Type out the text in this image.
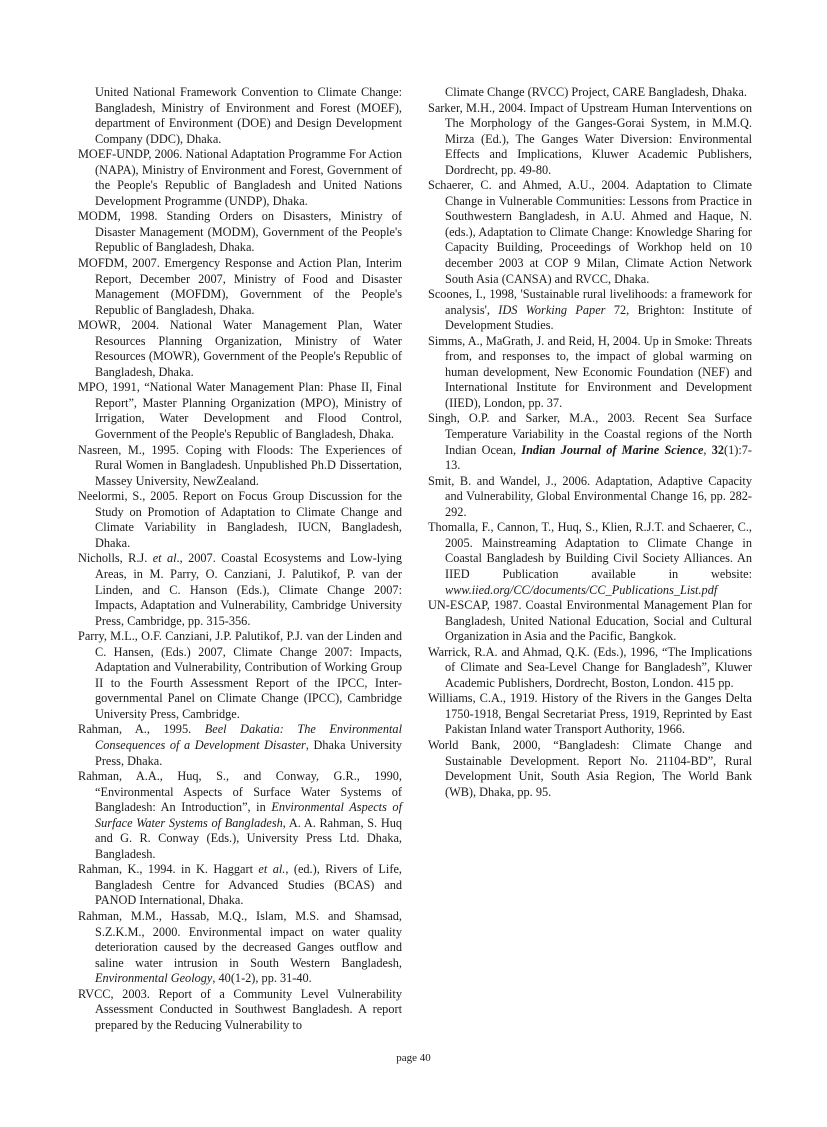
United National Framework Convention to Climate Change: Bangladesh, Ministry of Environment and Forest (MOEF), department of Environment (DOE) and Design Development Company (DDC), Dhaka.

MOEF-UNDP, 2006. National Adaptation Programme For Action (NAPA), Ministry of Environment and Forest, Government of the People's Republic of Bangladesh and United Nations Development Programme (UNDP), Dhaka.

MODM, 1998. Standing Orders on Disasters, Ministry of Disaster Management (MODM), Government of the People's Republic of Bangladesh, Dhaka.

MOFDM, 2007. Emergency Response and Action Plan, Interim Report, December 2007, Ministry of Food and Disaster Management (MOFDM), Government of the People's Republic of Bangladesh, Dhaka.

MOWR, 2004. National Water Management Plan, Water Resources Planning Organization, Ministry of Water Resources (MOWR), Government of the People's Republic of Bangladesh, Dhaka.

MPO, 1991, “National Water Management Plan: Phase II, Final Report”, Master Planning Organization (MPO), Ministry of Irrigation, Water Development and Flood Control, Government of the People's Republic of Bangladesh, Dhaka.

Nasreen, M., 1995. Coping with Floods: The Experiences of Rural Women in Bangladesh. Unpublished Ph.D Dissertation, Massey University, NewZealand.

Neelormi, S., 2005. Report on Focus Group Discussion for the Study on Promotion of Adaptation to Climate Change and Climate Variability in Bangladesh, IUCN, Bangladesh, Dhaka.

Nicholls, R.J. et al., 2007. Coastal Ecosystems and Low-lying Areas, in M. Parry, O. Canziani, J. Palutikof, P. van der Linden, and C. Hanson (Eds.), Climate Change 2007: Impacts, Adaptation and Vulnerability, Cambridge University Press, Cambridge, pp. 315-356.

Parry, M.L., O.F. Canziani, J.P. Palutikof, P.J. van der Linden and C. Hansen, (Eds.) 2007, Climate Change 2007: Impacts, Adaptation and Vulnerability, Contribution of Working Group II to the Fourth Assessment Report of the IPCC, Inter-governmental Panel on Climate Change (IPCC), Cambridge University Press, Cambridge.

Rahman, A., 1995. Beel Dakatia: The Environmental Consequences of a Development Disaster, Dhaka University Press, Dhaka.

Rahman, A.A., Huq, S., and Conway, G.R., 1990, “Environmental Aspects of Surface Water Systems of Bangladesh: An Introduction”, in Environmental Aspects of Surface Water Systems of Bangladesh, A. A. Rahman, S. Huq and G. R. Conway (Eds.), University Press Ltd. Dhaka, Bangladesh.

Rahman, K., 1994. in K. Haggart et al., (ed.), Rivers of Life, Bangladesh Centre for Advanced Studies (BCAS) and PANOD International, Dhaka.

Rahman, M.M., Hassab, M.Q., Islam, M.S. and Shamsad, S.Z.K.M., 2000. Environmental impact on water quality deterioration caused by the decreased Ganges outflow and saline water intrusion in South Western Bangladesh, Environmental Geology, 40(1-2), pp. 31-40.

RVCC, 2003. Report of a Community Level Vulnerability Assessment Conducted in Southwest Bangladesh. A report prepared by the Reducing Vulnerability to

Climate Change (RVCC) Project, CARE Bangladesh, Dhaka.

Sarker, M.H., 2004. Impact of Upstream Human Interventions on The Morphology of the Ganges-Gorai System, in M.M.Q. Mirza (Ed.), The Ganges Water Diversion: Environmental Effects and Implications, Kluwer Academic Publishers, Dordrecht, pp. 49-80.

Schaerer, C. and Ahmed, A.U., 2004. Adaptation to Climate Change in Vulnerable Communities: Lessons from Practice in Southwestern Bangladesh, in A.U. Ahmed and Haque, N. (eds.), Adaptation to Climate Change: Knowledge Sharing for Capacity Building, Proceedings of Workhop held on 10 december 2003 at COP 9 Milan, Climate Action Network South Asia (CANSA) and RVCC, Dhaka.

Scoones, I., 1998, 'Sustainable rural livelihoods: a framework for analysis', IDS Working Paper 72, Brighton: Institute of Development Studies.

Simms, A., MaGrath, J. and Reid, H, 2004. Up in Smoke: Threats from, and responses to, the impact of global warming on human development, New Economic Foundation (NEF) and International Institute for Environment and Development (IIED), London, pp. 37.

Singh, O.P. and Sarker, M.A., 2003. Recent Sea Surface Temperature Variability in the Coastal regions of the North Indian Ocean, Indian Journal of Marine Science, 32(1):7-13.

Smit, B. and Wandel, J., 2006. Adaptation, Adaptive Capacity and Vulnerability, Global Environmental Change 16, pp. 282-292.

Thomalla, F., Cannon, T., Huq, S., Klien, R.J.T. and Schaerer, C., 2005. Mainstreaming Adaptation to Climate Change in Coastal Bangladesh by Building Civil Society Alliances. An IIED Publication available in website: www.iied.org/CC/documents/CC_Publications_List.pdf

UN-ESCAP, 1987. Coastal Environmental Management Plan for Bangladesh, United National Education, Social and Cultural Organization in Asia and the Pacific, Bangkok.

Warrick, R.A. and Ahmad, Q.K. (Eds.), 1996, “The Implications of Climate and Sea-Level Change for Bangladesh”, Kluwer Academic Publishers, Dordrecht, Boston, London. 415 pp.

Williams, C.A., 1919. History of the Rivers in the Ganges Delta 1750-1918, Bengal Secretariat Press, 1919, Reprinted by East Pakistan Inland water Transport Authority, 1966.

World Bank, 2000, “Bangladesh: Climate Change and Sustainable Development. Report No. 21104-BD”, Rural Development Unit, South Asia Region, The World Bank (WB), Dhaka, pp. 95.

page 40
